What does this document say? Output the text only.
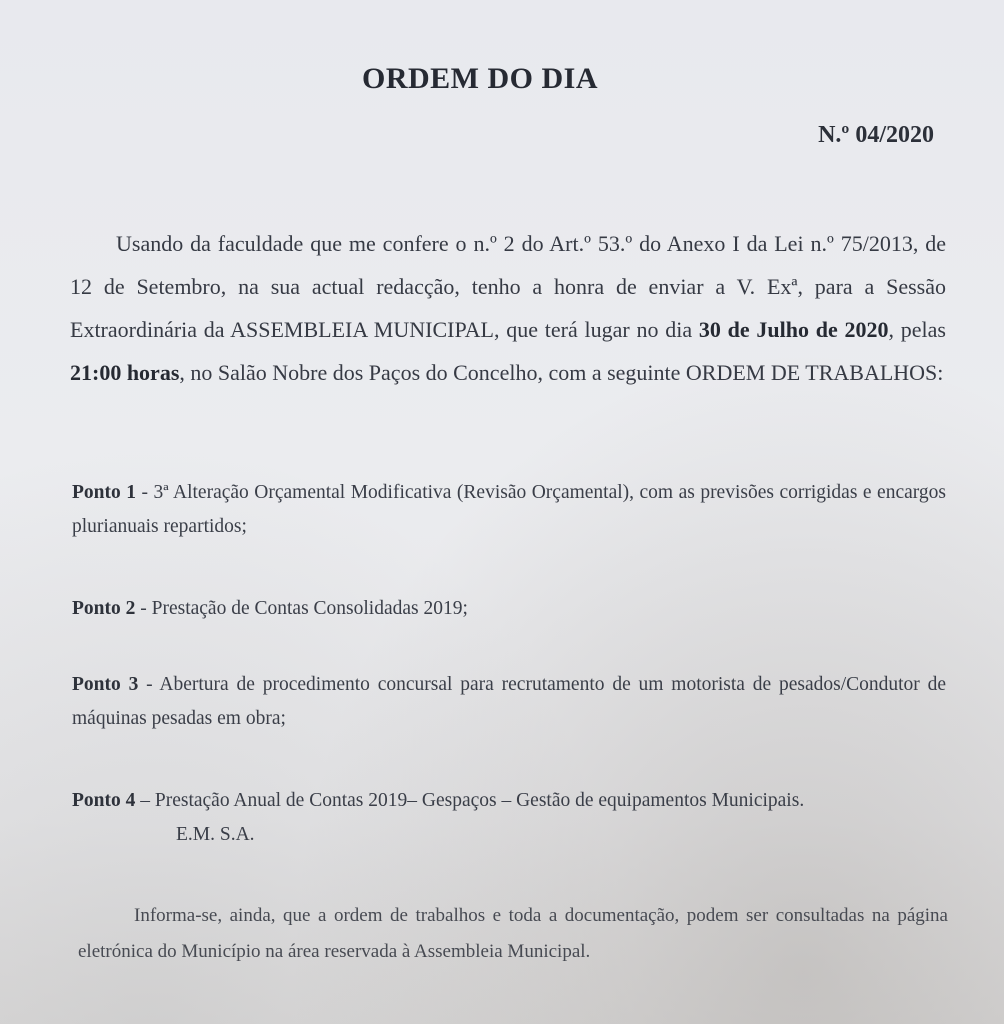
ORDEM DO DIA
N.º 04/2020

Usando da faculdade que me confere o n.º 2 do Art.º 53.º do Anexo I da Lei n.º 75/2013, de 12 de Setembro, na sua actual redacção, tenho a honra de enviar a V. Exª, para a Sessão Extraordinária da ASSEMBLEIA MUNICIPAL, que terá lugar no dia 30 de Julho de 2020, pelas 21:00 horas, no Salão Nobre dos Paços do Concelho, com a seguinte ORDEM DE TRABALHOS:

Ponto 1 - 3ª Alteração Orçamental Modificativa (Revisão Orçamental), com as previsões corrigidas e encargos plurianuais repartidos;

Ponto 2 - Prestação de Contas Consolidadas 2019;

Ponto 3 - Abertura de procedimento concursal para recrutamento de um motorista de pesados/Condutor de máquinas pesadas em obra;

Ponto 4 – Prestação Anual de Contas 2019– Gespaços – Gestão de equipamentos Municipais.
E.M. S.A.

Informa-se, ainda, que a ordem de trabalhos e toda a documentação, podem ser consultadas na página eletrónica do Município na área reservada à Assembleia Municipal.
